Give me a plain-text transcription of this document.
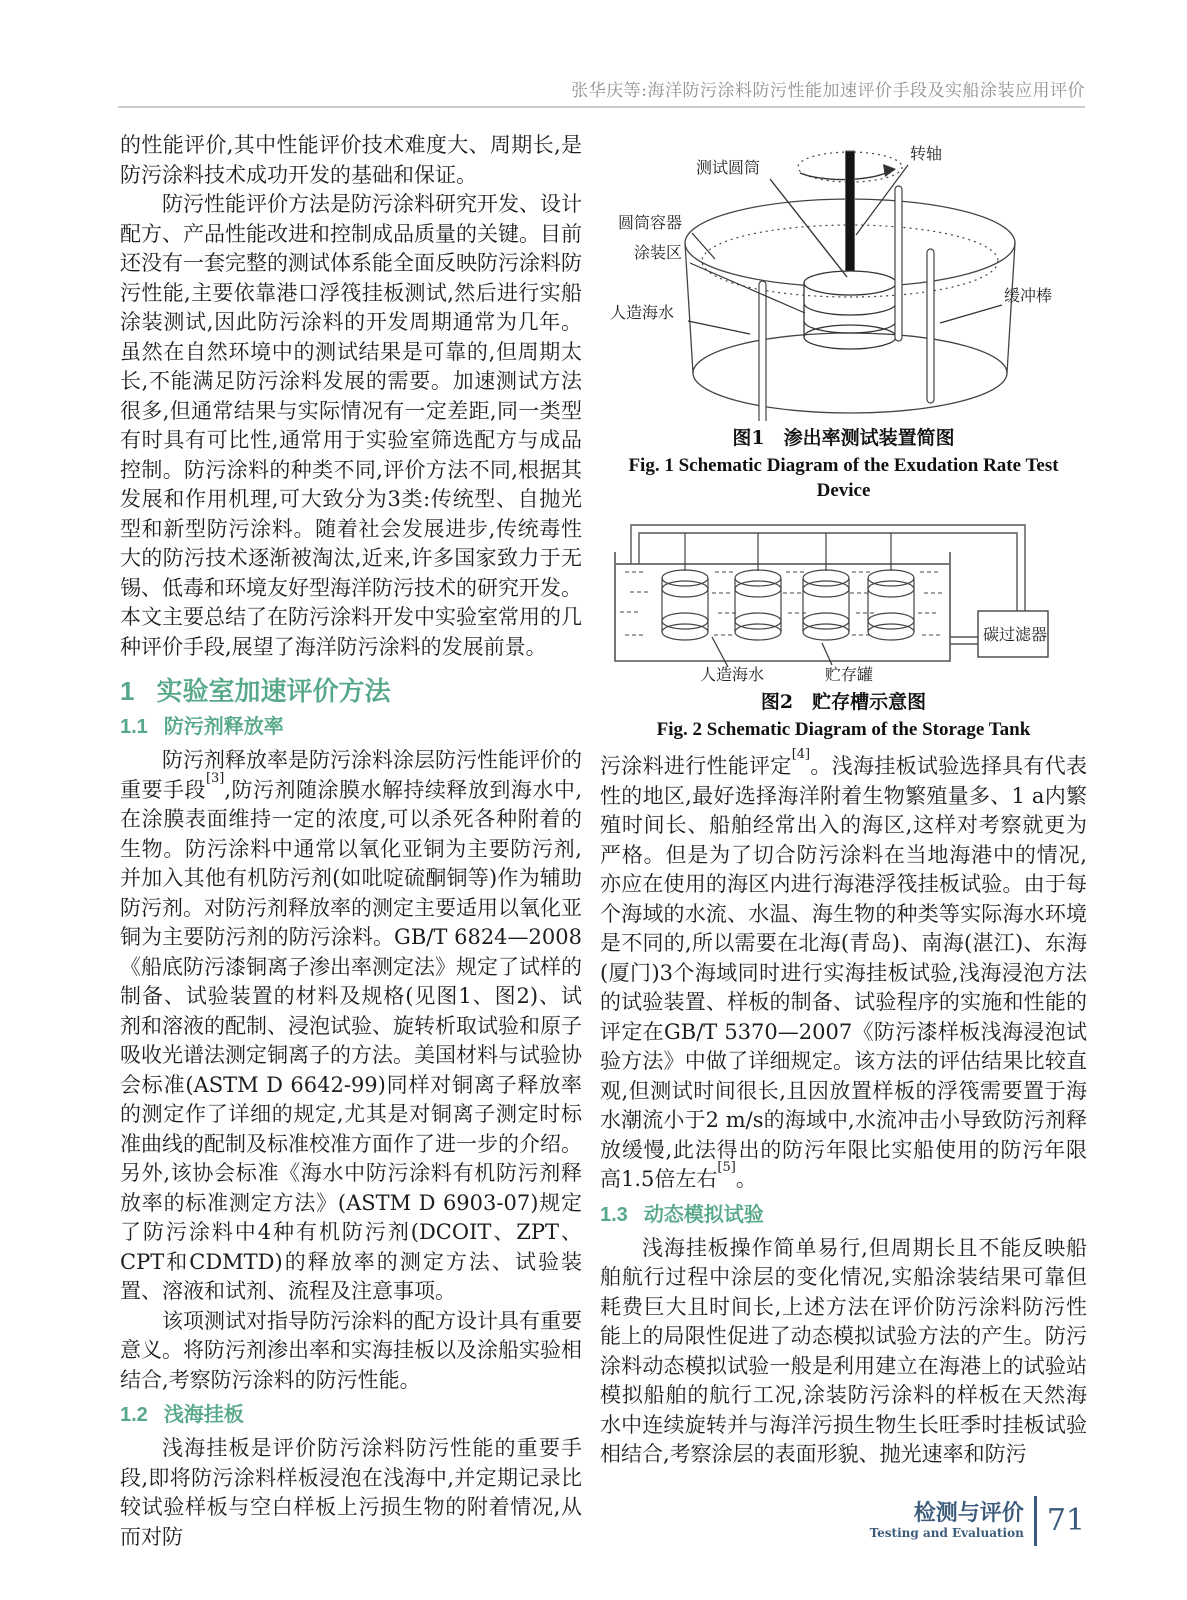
张华庆等:海洋防污涂料防污性能加速评价手段及实船涂装应用评价

的性能评价,其中性能评价技术难度大、周期长,是防污涂料技术成功开发的基础和保证。

防污性能评价方法是防污涂料研究开发、设计配方、产品性能改进和控制成品质量的关键。目前还没有一套完整的测试体系能全面反映防污涂料防污性能,主要依靠港口浮筏挂板测试,然后进行实船涂装测试,因此防污涂料的开发周期通常为几年。虽然在自然环境中的测试结果是可靠的,但周期太长,不能满足防污涂料发展的需要。加速测试方法很多,但通常结果与实际情况有一定差距,同一类型有时具有可比性,通常用于实验室筛选配方与成品控制。防污涂料的种类不同,评价方法不同,根据其发展和作用机理,可大致分为3类:传统型、自抛光型和新型防污涂料。随着社会发展进步,传统毒性大的防污技术逐渐被淘汰,近来,许多国家致力于无锡、低毒和环境友好型海洋防污技术的研究开发。本文主要总结了在防污涂料开发中实验室常用的几种评价手段,展望了海洋防污涂料的发展前景。

1 实验室加速评价方法
1.1 防污剂释放率

防污剂释放率是防污涂料涂层防污性能评价的重要手段[3],防污剂随涂膜水解持续释放到海水中,在涂膜表面维持一定的浓度,可以杀死各种附着的生物。防污涂料中通常以氧化亚铜为主要防污剂,并加入其他有机防污剂(如吡啶硫酮铜等)作为辅助防污剂。对防污剂释放率的测定主要适用以氧化亚铜为主要防污剂的防污涂料。GB/T 6824—2008《船底防污漆铜离子渗出率测定法》规定了试样的制备、试验装置的材料及规格(见图1、图2)、试剂和溶液的配制、浸泡试验、旋转析取试验和原子吸收光谱法测定铜离子的方法。美国材料与试验协会标准(ASTM D 6642-99)同样对铜离子释放率的测定作了详细的规定,尤其是对铜离子测定时标准曲线的配制及标准校准方面作了进一步的介绍。另外,该协会标准《海水中防污涂料有机防污剂释放率的标准测定方法》(ASTM D 6903-07)规定了防污涂料中4种有机防污剂(DCOIT、ZPT、CPT和CDMTD)的释放率的测定方法、试验装置、溶液和试剂、流程及注意事项。

该项测试对指导防污涂料的配方设计具有重要意义。将防污剂渗出率和实海挂板以及涂船实验相结合,考察防污涂料的防污性能。

1.2 浅海挂板

浅海挂板是评价防污涂料防污性能的重要手段,即将防污涂料样板浸泡在浅海中,并定期记录比较试验样板与空白样板上污损生物的附着情况,从而对防

测试圆筒
转轴
圆筒容器
涂装区
人造海水
缓冲棒
图1　渗出率测试装置简图
Fig. 1 Schematic Diagram of the Exudation Rate Test Device
碳过滤器
人造海水	贮存罐
图2　贮存槽示意图
Fig. 2 Schematic Diagram of the Storage Tank

污涂料进行性能评定[4]。浅海挂板试验选择具有代表性的地区,最好选择海洋附着生物繁殖量多、1 a内繁殖时间长、船舶经常出入的海区,这样对考察就更为严格。但是为了切合防污涂料在当地海港中的情况,亦应在使用的海区内进行海港浮筏挂板试验。由于每个海域的水流、水温、海生物的种类等实际海水环境是不同的,所以需要在北海(青岛)、南海(湛江)、东海(厦门)3个海域同时进行实海挂板试验,浅海浸泡方法的试验装置、样板的制备、试验程序的实施和性能的评定在GB/T 5370—2007《防污漆样板浅海浸泡试验方法》中做了详细规定。该方法的评估结果比较直观,但测试时间很长,且因放置样板的浮筏需要置于海水潮流小于2 m/s的海域中,水流冲击小导致防污剂释放缓慢,此法得出的防污年限比实船使用的防污年限高1.5倍左右[5]。

1.3 动态模拟试验

浅海挂板操作简单易行,但周期长且不能反映船舶航行过程中涂层的变化情况,实船涂装结果可靠但耗费巨大且时间长,上述方法在评价防污涂料防污性能上的局限性促进了动态模拟试验方法的产生。防污涂料动态模拟试验一般是利用建立在海港上的试验站模拟船舶的航行工况,涂装防污涂料的样板在天然海水中连续旋转并与海洋污损生物生长旺季时挂板试验相结合,考察涂层的表面形貌、抛光速率和防污

检测与评价
Testing and Evaluation 71
